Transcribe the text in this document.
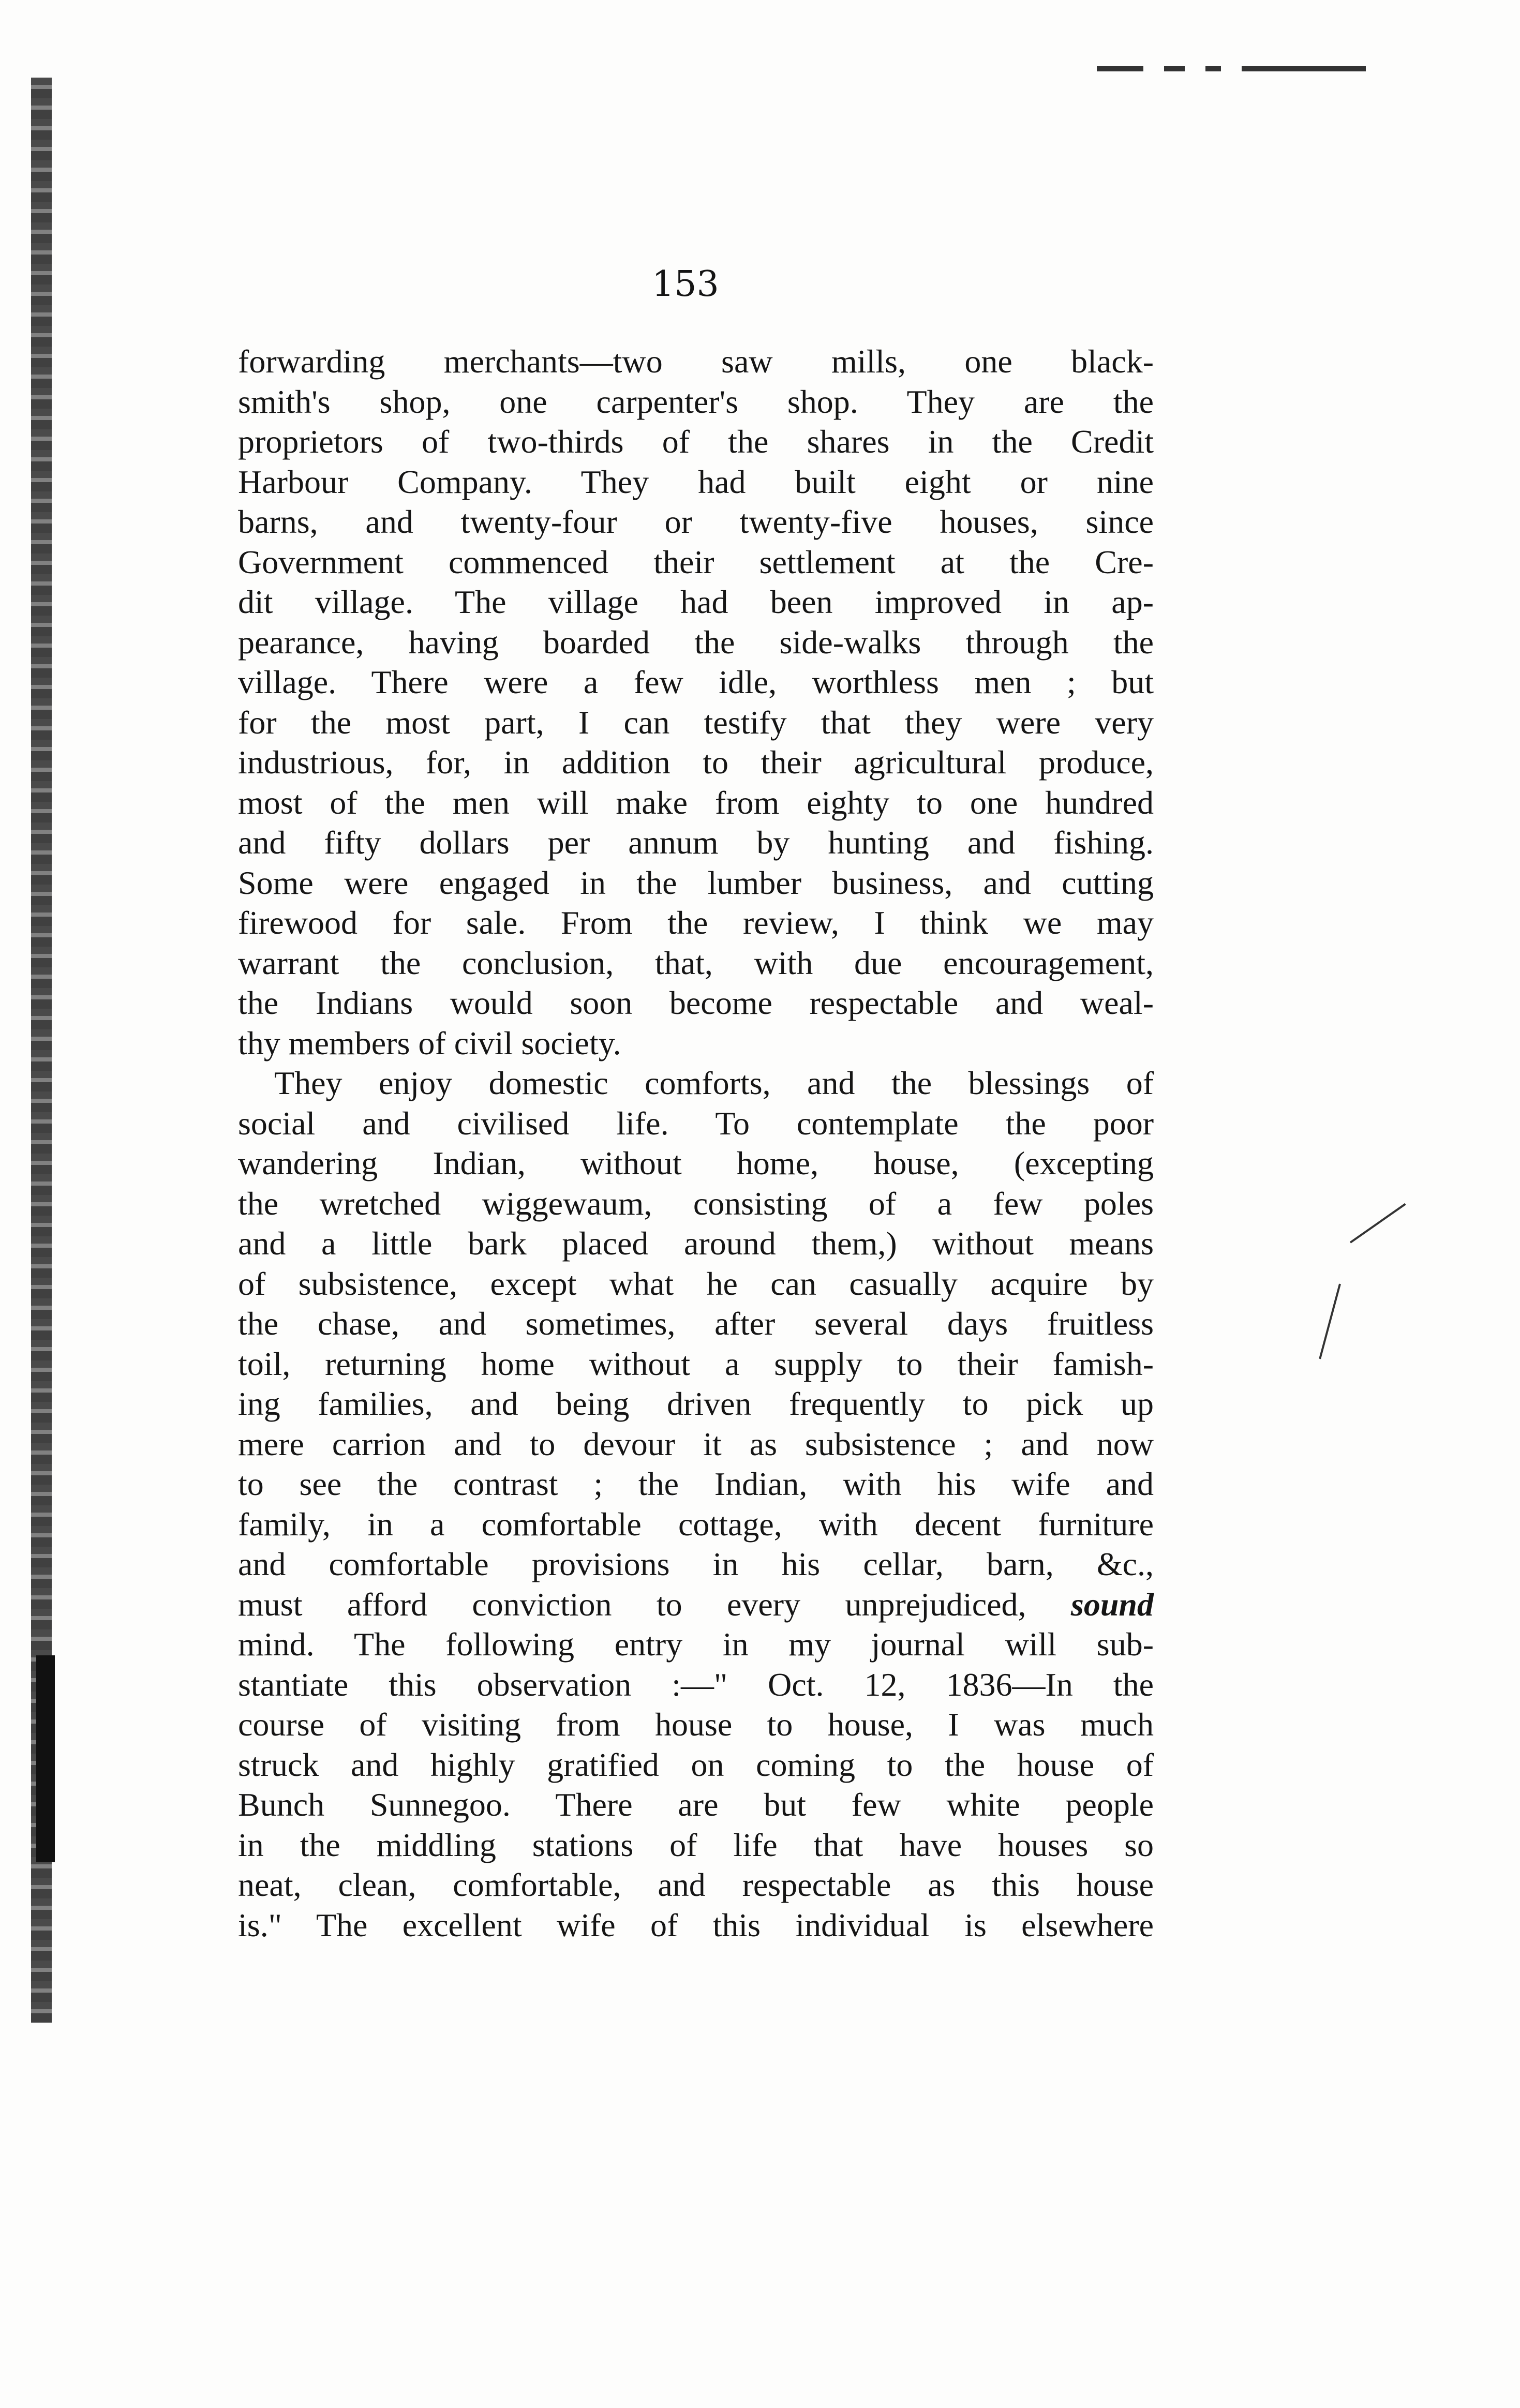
153
forwarding merchants—two saw mills, one black-
smith's shop, one carpenter's shop. They are the
proprietors of two-thirds of the shares in the Credit
Harbour Company. They had built eight or nine
barns, and twenty-four or twenty-five houses, since
Government commenced their settlement at the Cre-
dit village. The village had been improved in ap-
pearance, having boarded the side-walks through the
village. There were a few idle, worthless men ; but
for the most part, I can testify that they were very
industrious, for, in addition to their agricultural produce,
most of the men will make from eighty to one hundred
and fifty dollars per annum by hunting and fishing.
Some were engaged in the lumber business, and cutting
firewood for sale. From the review, I think we may
warrant the conclusion, that, with due encouragement,
the Indians would soon become respectable and weal-
thy members of civil society.
They enjoy domestic comforts, and the blessings of
social and civilised life. To contemplate the poor
wandering Indian, without home, house, (excepting
the wretched wiggewaum, consisting of a few poles
and a little bark placed around them,) without means
of subsistence, except what he can casually acquire by
the chase, and sometimes, after several days fruitless
toil, returning home without a supply to their famish-
ing families, and being driven frequently to pick up
mere carrion and to devour it as subsistence ; and now
to see the contrast ; the Indian, with his wife and
family, in a comfortable cottage, with decent furniture
and comfortable provisions in his cellar, barn, &c.,
must afford conviction to every unprejudiced, sound
mind. The following entry in my journal will sub-
stantiate this observation :—" Oct. 12, 1836—In the
course of visiting from house to house, I was much
struck and highly gratified on coming to the house of
Bunch Sunnegoo. There are but few white people
in the middling stations of life that have houses so
neat, clean, comfortable, and respectable as this house
is." The excellent wife of this individual is elsewhere
